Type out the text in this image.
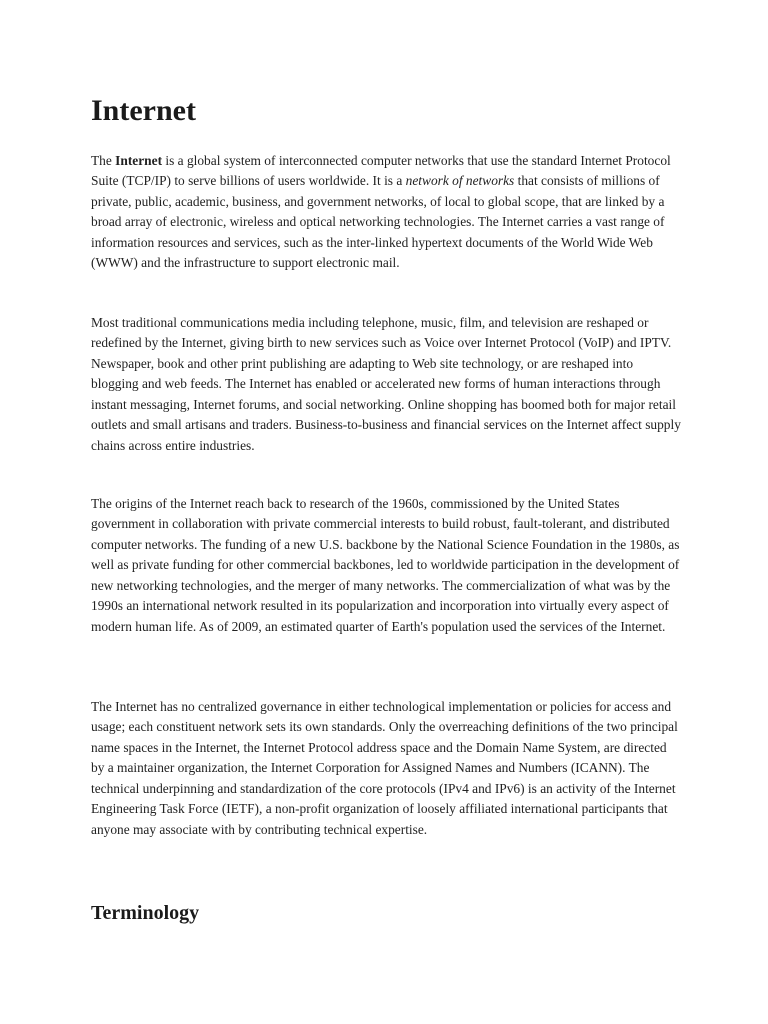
Internet

The Internet is a global system of interconnected computer networks that use the standard Internet Protocol Suite (TCP/IP) to serve billions of users worldwide. It is a network of networks that consists of millions of private, public, academic, business, and government networks, of local to global scope, that are linked by a broad array of electronic, wireless and optical networking technologies. The Internet carries a vast range of information resources and services, such as the inter-linked hypertext documents of the World Wide Web (WWW) and the infrastructure to support electronic mail.

Most traditional communications media including telephone, music, film, and television are reshaped or redefined by the Internet, giving birth to new services such as Voice over Internet Protocol (VoIP) and IPTV. Newspaper, book and other print publishing are adapting to Web site technology, or are reshaped into blogging and web feeds. The Internet has enabled or accelerated new forms of human interactions through instant messaging, Internet forums, and social networking. Online shopping has boomed both for major retail outlets and small artisans and traders. Business-to-business and financial services on the Internet affect supply chains across entire industries.

The origins of the Internet reach back to research of the 1960s, commissioned by the United States government in collaboration with private commercial interests to build robust, fault-tolerant, and distributed computer networks. The funding of a new U.S. backbone by the National Science Foundation in the 1980s, as well as private funding for other commercial backbones, led to worldwide participation in the development of new networking technologies, and the merger of many networks. The commercialization of what was by the 1990s an international network resulted in its popularization and incorporation into virtually every aspect of modern human life. As of 2009, an estimated quarter of Earth's population used the services of the Internet.

The Internet has no centralized governance in either technological implementation or policies for access and usage; each constituent network sets its own standards. Only the overreaching definitions of the two principal name spaces in the Internet, the Internet Protocol address space and the Domain Name System, are directed by a maintainer organization, the Internet Corporation for Assigned Names and Numbers (ICANN). The technical underpinning and standardization of the core protocols (IPv4 and IPv6) is an activity of the Internet Engineering Task Force (IETF), a non-profit organization of loosely affiliated international participants that anyone may associate with by contributing technical expertise.

Terminology
